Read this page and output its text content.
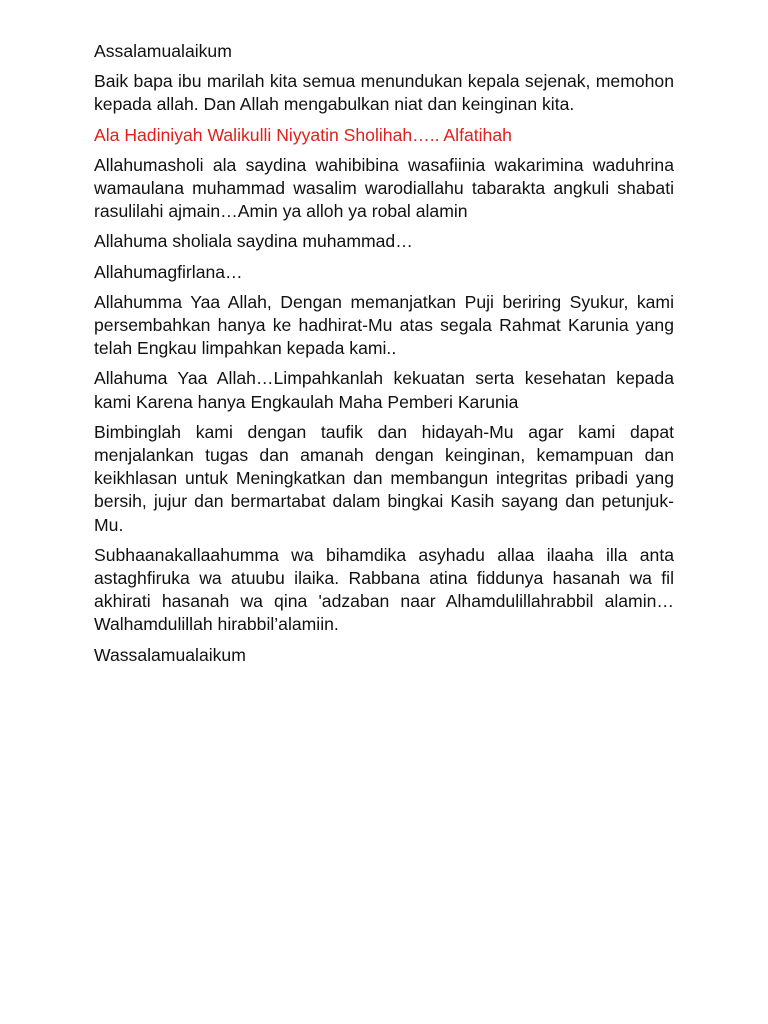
Assalamualaikum

Baik bapa ibu marilah kita semua menundukan kepala sejenak, memohon kepada allah. Dan Allah mengabulkan niat dan keinginan kita.

Ala Hadiniyah Walikulli Niyyatin Sholihah….. Alfatihah

Allahumasholi ala saydina wahibibina wasafiinia wakarimina waduhrina wamaulana muhammad wasalim warodiallahu tabarakta angkuli shabati rasulilahi ajmain…Amin ya alloh ya robal alamin

Allahuma sholiala saydina muhammad…

Allahumagfirlana…

Allahumma Yaa Allah, Dengan memanjatkan Puji beriring Syukur, kami persembahkan hanya ke hadhirat-Mu atas segala Rahmat Karunia yang telah Engkau limpahkan kepada kami..

Allahuma Yaa Allah…Limpahkanlah kekuatan serta kesehatan kepada kami Karena hanya Engkaulah Maha Pemberi Karunia

Bimbinglah kami dengan taufik dan hidayah-Mu agar kami dapat menjalankan tugas dan amanah dengan keinginan, kemampuan dan keikhlasan untuk Meningkatkan dan membangun integritas pribadi yang bersih, jujur dan bermartabat dalam bingkai Kasih sayang dan petunjuk-Mu.

Subhaanakallaahumma wa bihamdika asyhadu allaa ilaaha illa anta astaghfiruka wa atuubu ilaika. Rabbana atina fiddunya hasanah wa fil akhirati hasanah wa qina 'adzaban naar Alhamdulillahrabbil alamin…Walhamdulillah hirabbil’alamiin.

Wassalamualaikum
